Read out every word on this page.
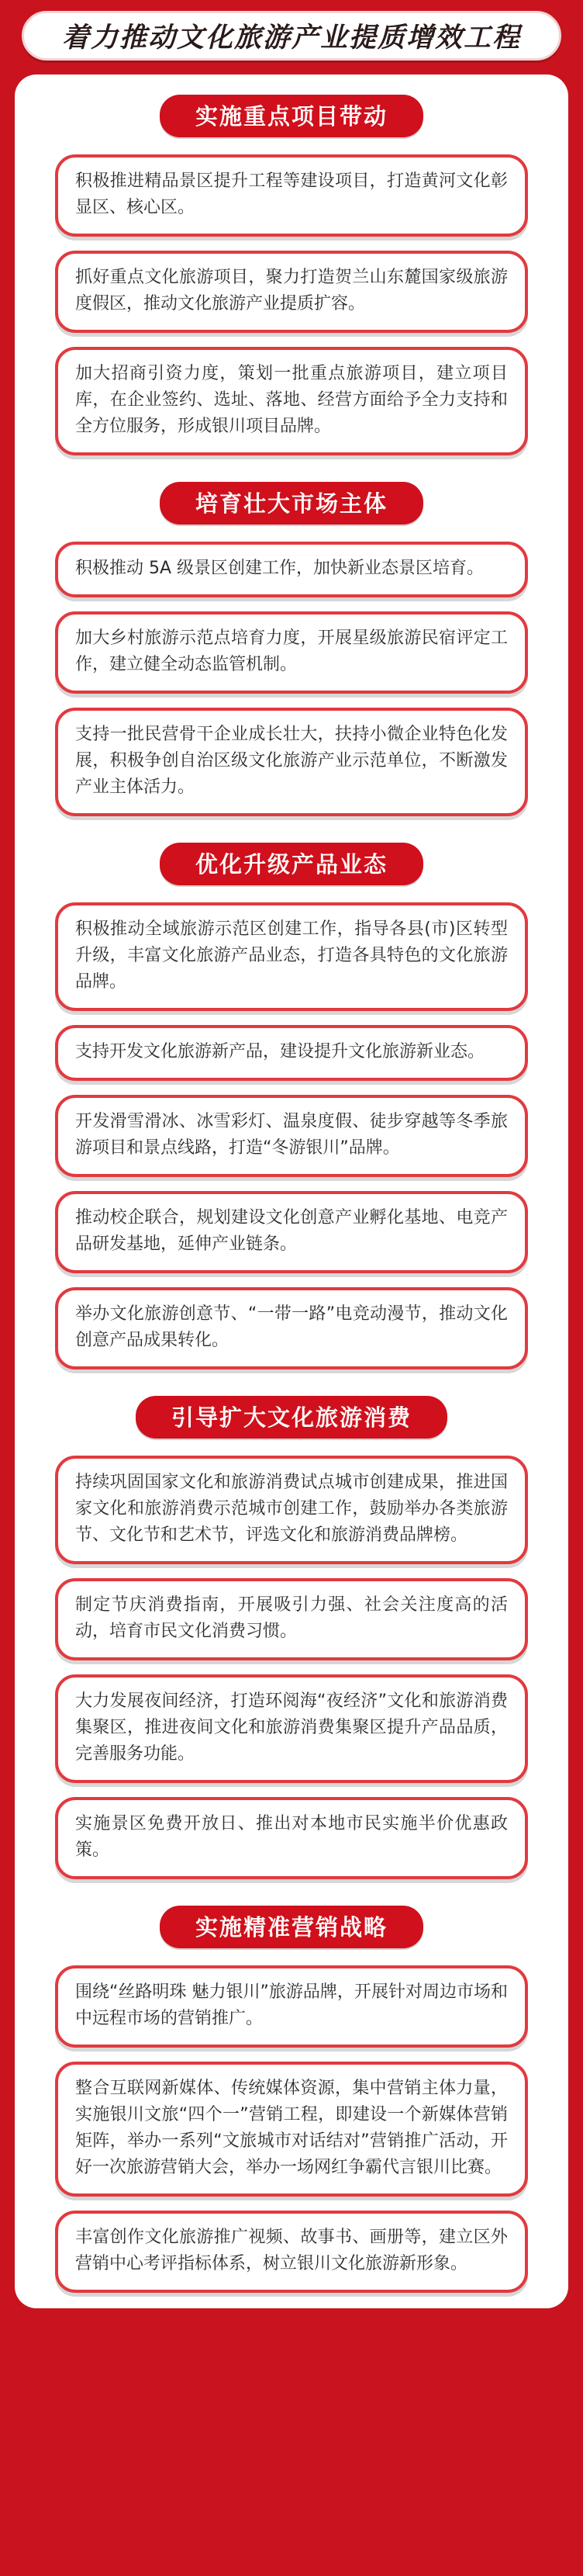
着力推动文化旅游产业提质增效工程
实施重点项目带动
积极推进精品景区提升工程等建设项目，打造黄河文化彰显区、核心区。
抓好重点文化旅游项目，聚力打造贺兰山东麓国家级旅游度假区，推动文化旅游产业提质扩容。
加大招商引资力度，策划一批重点旅游项目，建立项目库，在企业签约、选址、落地、经营方面给予全力支持和全方位服务，形成银川项目品牌。
培育壮大市场主体
积极推动 5A 级景区创建工作，加快新业态景区培育。
加大乡村旅游示范点培育力度，开展星级旅游民宿评定工作，建立健全动态监管机制。
支持一批民营骨干企业成长壮大，扶持小微企业特色化发展，积极争创自治区级文化旅游产业示范单位，不断激发产业主体活力。
优化升级产品业态
积极推动全域旅游示范区创建工作，指导各县(市)区转型升级，丰富文化旅游产品业态，打造各具特色的文化旅游品牌。
支持开发文化旅游新产品，建设提升文化旅游新业态。
开发滑雪滑冰、冰雪彩灯、温泉度假、徒步穿越等冬季旅游项目和景点线路，打造“冬游银川”品牌。
推动校企联合，规划建设文化创意产业孵化基地、电竞产品研发基地，延伸产业链条。
举办文化旅游创意节、“一带一路”电竞动漫节，推动文化创意产品成果转化。
引导扩大文化旅游消费
持续巩固国家文化和旅游消费试点城市创建成果，推进国家文化和旅游消费示范城市创建工作，鼓励举办各类旅游节、文化节和艺术节，评选文化和旅游消费品牌榜。
制定节庆消费指南，开展吸引力强、社会关注度高的活动，培育市民文化消费习惯。
大力发展夜间经济，打造环阅海“夜经济”文化和旅游消费集聚区，推进夜间文化和旅游消费集聚区提升产品品质，完善服务功能。
实施景区免费开放日、推出对本地市民实施半价优惠政策。
实施精准营销战略
围绕“丝路明珠 魅力银川”旅游品牌，开展针对周边市场和中远程市场的营销推广。
整合互联网新媒体、传统媒体资源，集中营销主体力量，实施银川文旅“四个一”营销工程，即建设一个新媒体营销矩阵，举办一系列“文旅城市对话结对”营销推广活动，开好一次旅游营销大会，举办一场网红争霸代言银川比赛。
丰富创作文化旅游推广视频、故事书、画册等，建立区外营销中心考评指标体系，树立银川文化旅游新形象。
